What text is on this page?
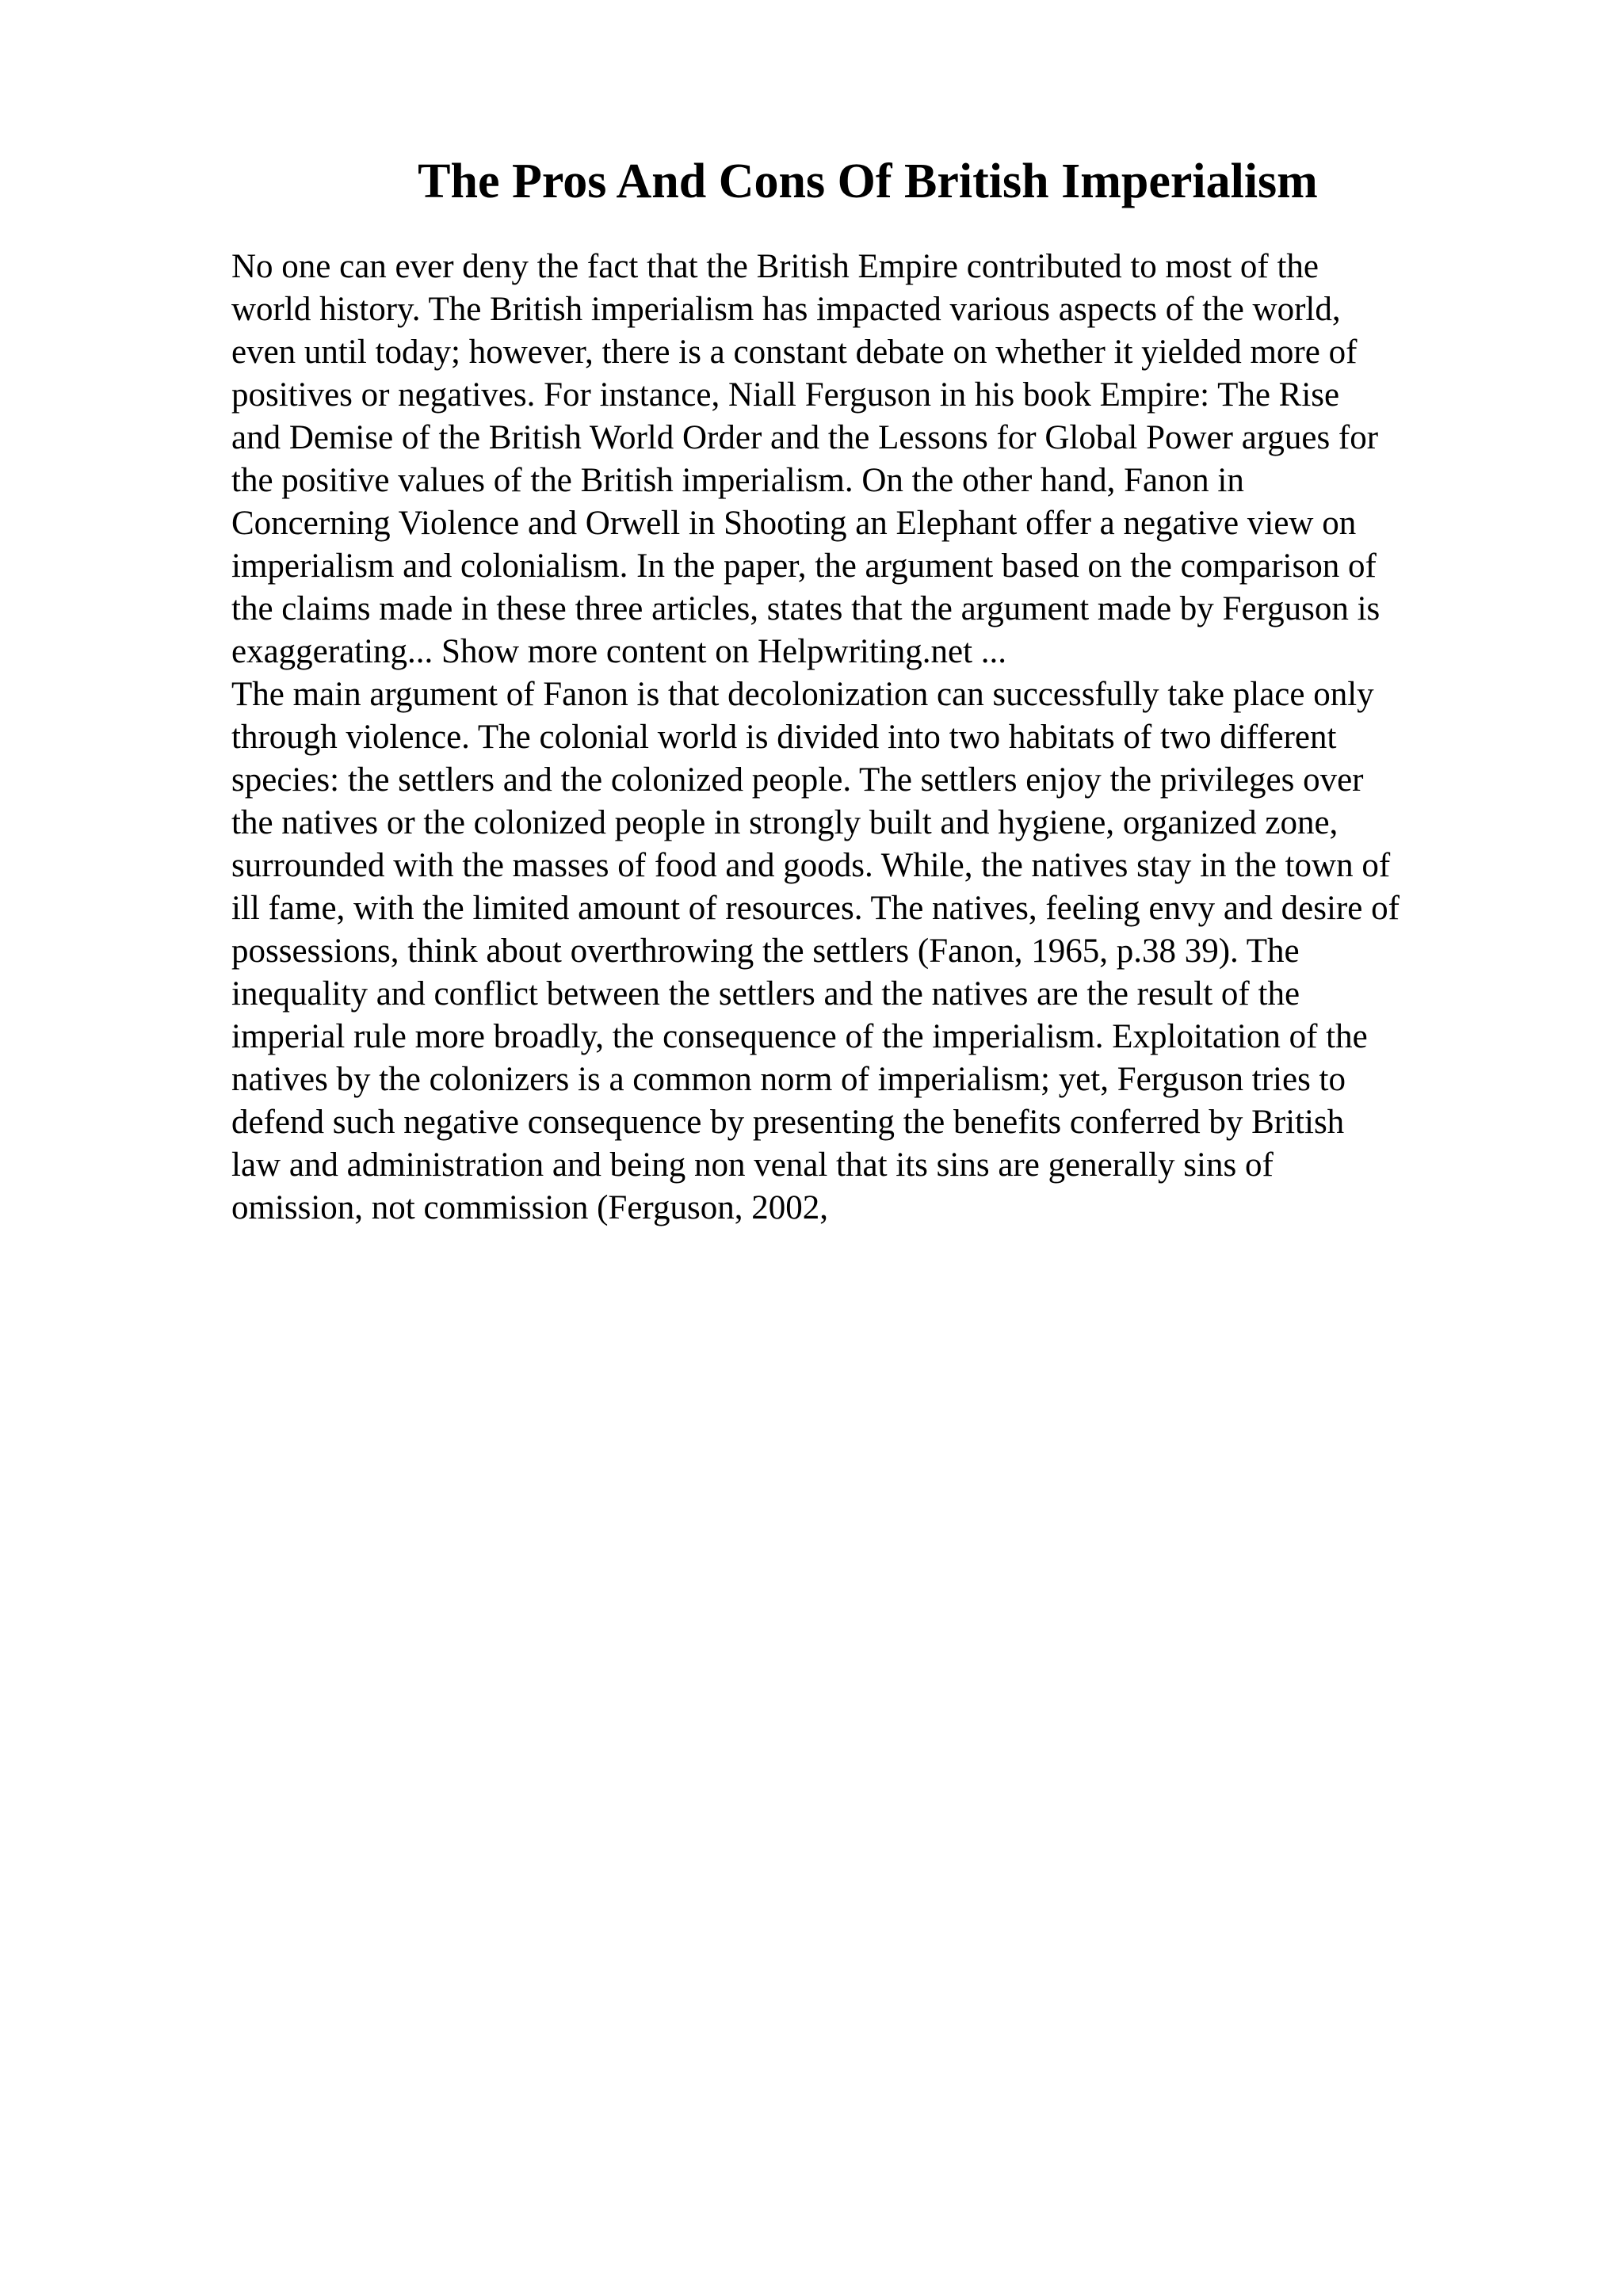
The Pros And Cons Of British Imperialism
No one can ever deny the fact that the British Empire contributed to most of the
world history. The British imperialism has impacted various aspects of the world,
even until today; however, there is a constant debate on whether it yielded more of
positives or negatives. For instance, Niall Ferguson in his book Empire: The Rise
and Demise of the British World Order and the Lessons for Global Power argues for
the positive values of the British imperialism. On the other hand, Fanon in
Concerning Violence and Orwell in Shooting an Elephant offer a negative view on
imperialism and colonialism. In the paper, the argument based on the comparison of
the claims made in these three articles, states that the argument made by Ferguson is
exaggerating... Show more content on Helpwriting.net ...
The main argument of Fanon is that decolonization can successfully take place only
through violence. The colonial world is divided into two habitats of two different
species: the settlers and the colonized people. The settlers enjoy the privileges over
the natives or the colonized people in strongly built and hygiene, organized zone,
surrounded with the masses of food and goods. While, the natives stay in the town of
ill fame, with the limited amount of resources. The natives, feeling envy and desire of
possessions, think about overthrowing the settlers (Fanon, 1965, p.38 39). The
inequality and conflict between the settlers and the natives are the result of the
imperial rule more broadly, the consequence of the imperialism. Exploitation of the
natives by the colonizers is a common norm of imperialism; yet, Ferguson tries to
defend such negative consequence by presenting the benefits conferred by British
law and administration and being non venal that its sins are generally sins of
omission, not commission (Ferguson, 2002,
